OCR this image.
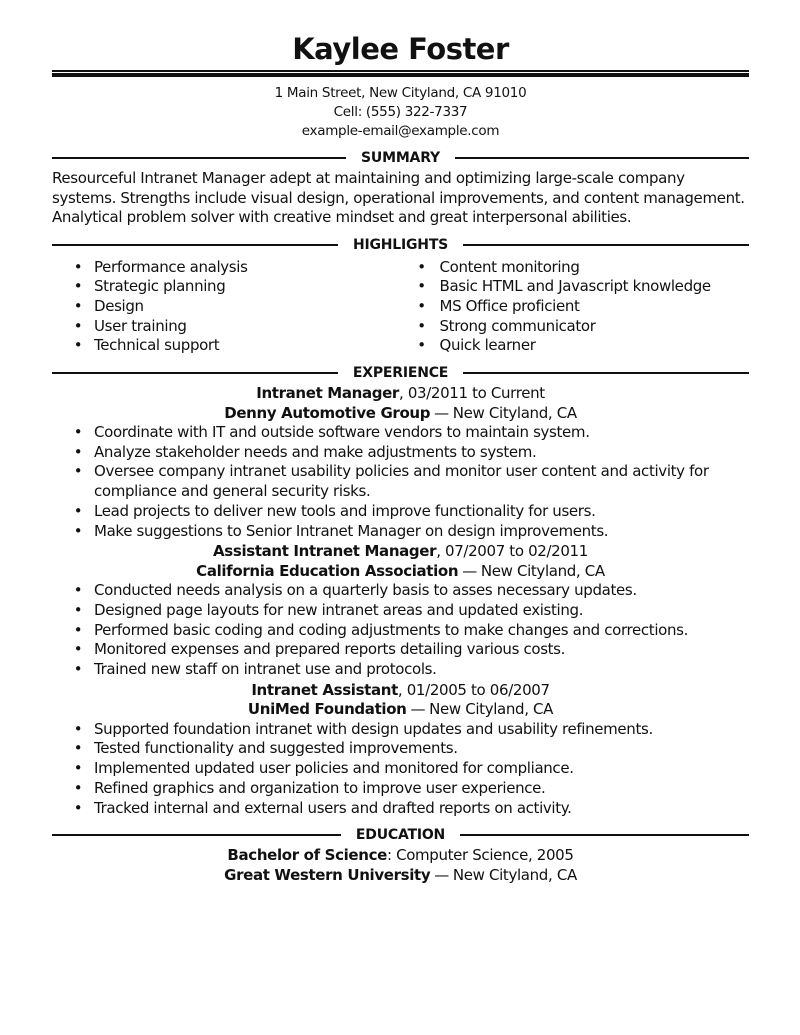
Kaylee Foster
1 Main Street, New Cityland, CA 91010
Cell: (555) 322-7337
example-email@example.com
SUMMARY
Resourceful Intranet Manager adept at maintaining and optimizing large-scale company systems. Strengths include visual design, operational improvements, and content management. Analytical problem solver with creative mindset and great interpersonal abilities.
HIGHLIGHTS
• Performance analysis
• Strategic planning
• Design
• User training
• Technical support
• Content monitoring
• Basic HTML and Javascript knowledge
• MS Office proficient
• Strong communicator
• Quick learner
EXPERIENCE
Intranet Manager, 03/2011 to Current
Denny Automotive Group — New Cityland, CA
• Coordinate with IT and outside software vendors to maintain system.
• Analyze stakeholder needs and make adjustments to system.
• Oversee company intranet usability policies and monitor user content and activity for compliance and general security risks.
• Lead projects to deliver new tools and improve functionality for users.
• Make suggestions to Senior Intranet Manager on design improvements.
Assistant Intranet Manager, 07/2007 to 02/2011
California Education Association — New Cityland, CA
• Conducted needs analysis on a quarterly basis to asses necessary updates.
• Designed page layouts for new intranet areas and updated existing.
• Performed basic coding and coding adjustments to make changes and corrections.
• Monitored expenses and prepared reports detailing various costs.
• Trained new staff on intranet use and protocols.
Intranet Assistant, 01/2005 to 06/2007
UniMed Foundation — New Cityland, CA
• Supported foundation intranet with design updates and usability refinements.
• Tested functionality and suggested improvements.
• Implemented updated user policies and monitored for compliance.
• Refined graphics and organization to improve user experience.
• Tracked internal and external users and drafted reports on activity.
EDUCATION
Bachelor of Science: Computer Science, 2005
Great Western University — New Cityland, CA
